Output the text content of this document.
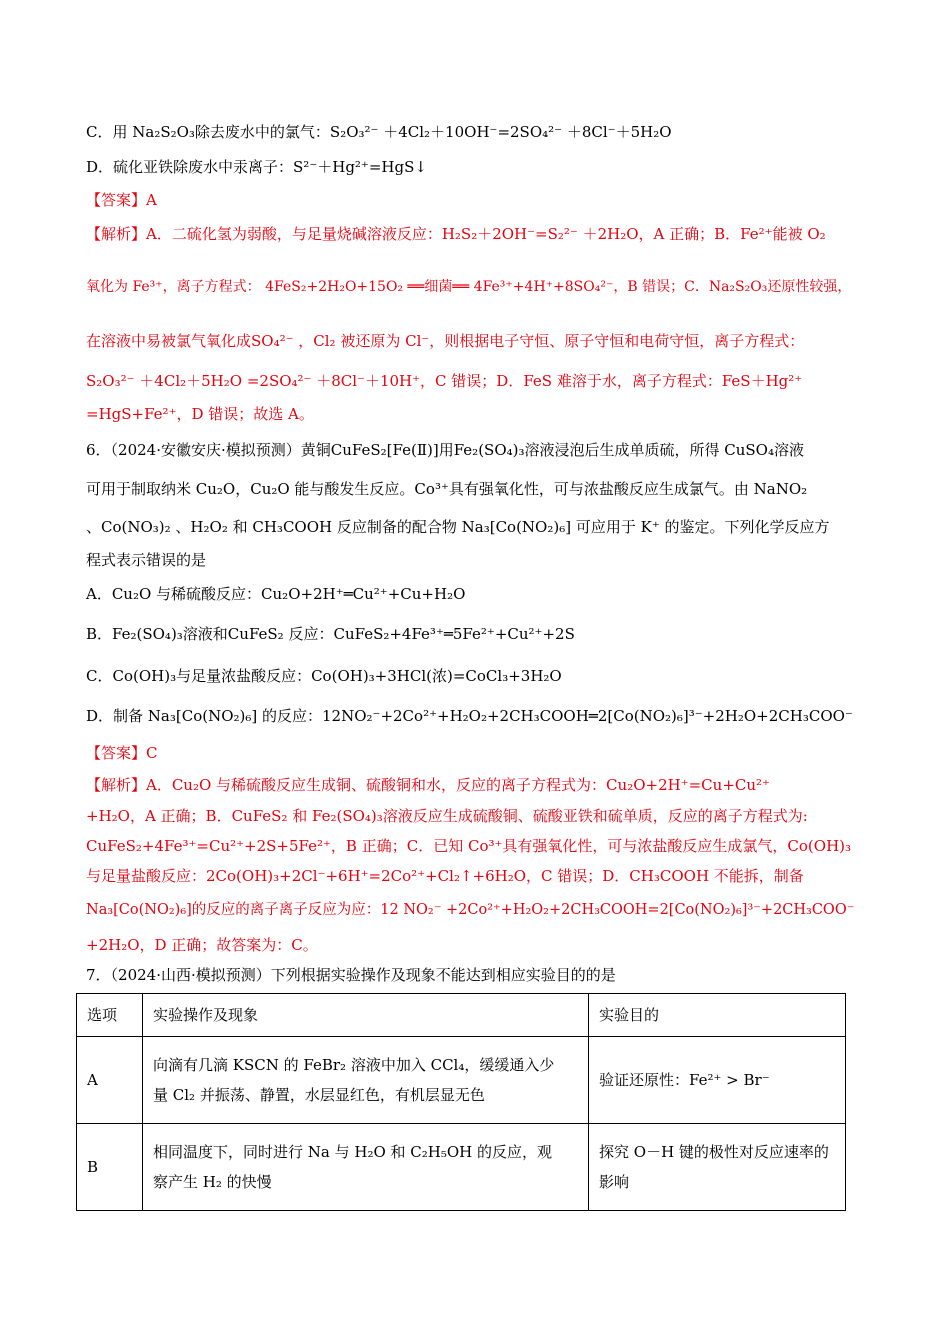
C．用 Na₂S₂O₃除去废水中的氯气：S₂O₃²⁻ ＋4Cl₂＋10OH⁻=2SO₄²⁻ ＋8Cl⁻＋5H₂O
D．硫化亚铁除废水中汞离子：S²⁻＋Hg²⁺=HgS↓
【答案】A
【解析】A．二硫化氢为弱酸，与足量烧碱溶液反应：H₂S₂＋2OH⁻=S₂²⁻ ＋2H₂O，A 正确；B．Fe²⁺能被 O₂
氧化为 Fe³⁺，离子方程式： 4FeS₂+2H₂O+15O₂ ══细菌══ 4Fe³⁺+4H⁺+8SO₄²⁻，B 错误；C．Na₂S₂O₃还原性较强，
在溶液中易被氯气氧化成SO₄²⁻ ，Cl₂ 被还原为 Cl⁻，则根据电子守恒、原子守恒和电荷守恒，离子方程式：
S₂O₃²⁻ ＋4Cl₂＋5H₂O =2SO₄²⁻ ＋8Cl⁻＋10H⁺，C 错误；D．FeS 难溶于水，离子方程式：FeS＋Hg²⁺
=HgS+Fe²⁺，D 错误；故选 A。
6．（2024·安徽安庆·模拟预测）黄铜CuFeS₂[Fe(Ⅱ)]用Fe₂(SO₄)₃溶液浸泡后生成单质硫，所得 CuSO₄溶液
可用于制取纳米 Cu₂O，Cu₂O 能与酸发生反应。Co³⁺具有强氧化性，可与浓盐酸反应生成氯气。由 NaNO₂
、Co(NO₃)₂ 、H₂O₂ 和 CH₃COOH 反应制备的配合物 Na₃[Co(NO₂)₆] 可应用于 K⁺ 的鉴定。下列化学反应方
程式表示错误的是
A．Cu₂O 与稀硫酸反应：Cu₂O+2H⁺═Cu²⁺+Cu+H₂O
B．Fe₂(SO₄)₃溶液和CuFeS₂ 反应：CuFeS₂+4Fe³⁺═5Fe²⁺+Cu²⁺+2S
C．Co(OH)₃与足量浓盐酸反应：Co(OH)₃+3HCl(浓)=CoCl₃+3H₂O
D．制备 Na₃[Co(NO₂)₆] 的反应：12NO₂⁻+2Co²⁺+H₂O₂+2CH₃COOH═2[Co(NO₂)₆]³⁻+2H₂O+2CH₃COO⁻
【答案】C
【解析】A．Cu₂O 与稀硫酸反应生成铜、硫酸铜和水，反应的离子方程式为：Cu₂O+2H⁺=Cu+Cu²⁺
+H₂O，A 正确；B．CuFeS₂ 和 Fe₂(SO₄)₃溶液反应生成硫酸铜、硫酸亚铁和硫单质，反应的离子方程式为:
CuFeS₂+4Fe³⁺=Cu²⁺+2S+5Fe²⁺，B 正确；C．已知 Co³⁺具有强氧化性，可与浓盐酸反应生成氯气，Co(OH)₃
与足量盐酸反应：2Co(OH)₃+2Cl⁻+6H⁺=2Co²⁺+Cl₂↑+6H₂O，C 错误；D．CH₃COOH 不能拆，制备
Na₃[Co(NO₂)₆]的反应的离子离子反应为应：12 NO₂⁻ +2Co²⁺+H₂O₂+2CH₃COOH=2[Co(NO₂)₆]³⁻+2CH₃COO⁻
+2H₂O，D 正确；故答案为：C。
7．（2024·山西·模拟预测）下列根据实验操作及现象不能达到相应实验目的的是
选项	实验操作及现象	实验目的
A	向滴有几滴 KSCN 的 FeBr₂ 溶液中加入 CCl₄，缓缓通入少
量 Cl₂ 并振荡、静置，水层显红色，有机层显无色	验证还原性：Fe²⁺ > Br⁻
B	相同温度下，同时进行 Na 与 H₂O 和 C₂H₅OH 的反应，观
察产生 H₂ 的快慢	探究 O－H 键的极性对反应速率的影响
